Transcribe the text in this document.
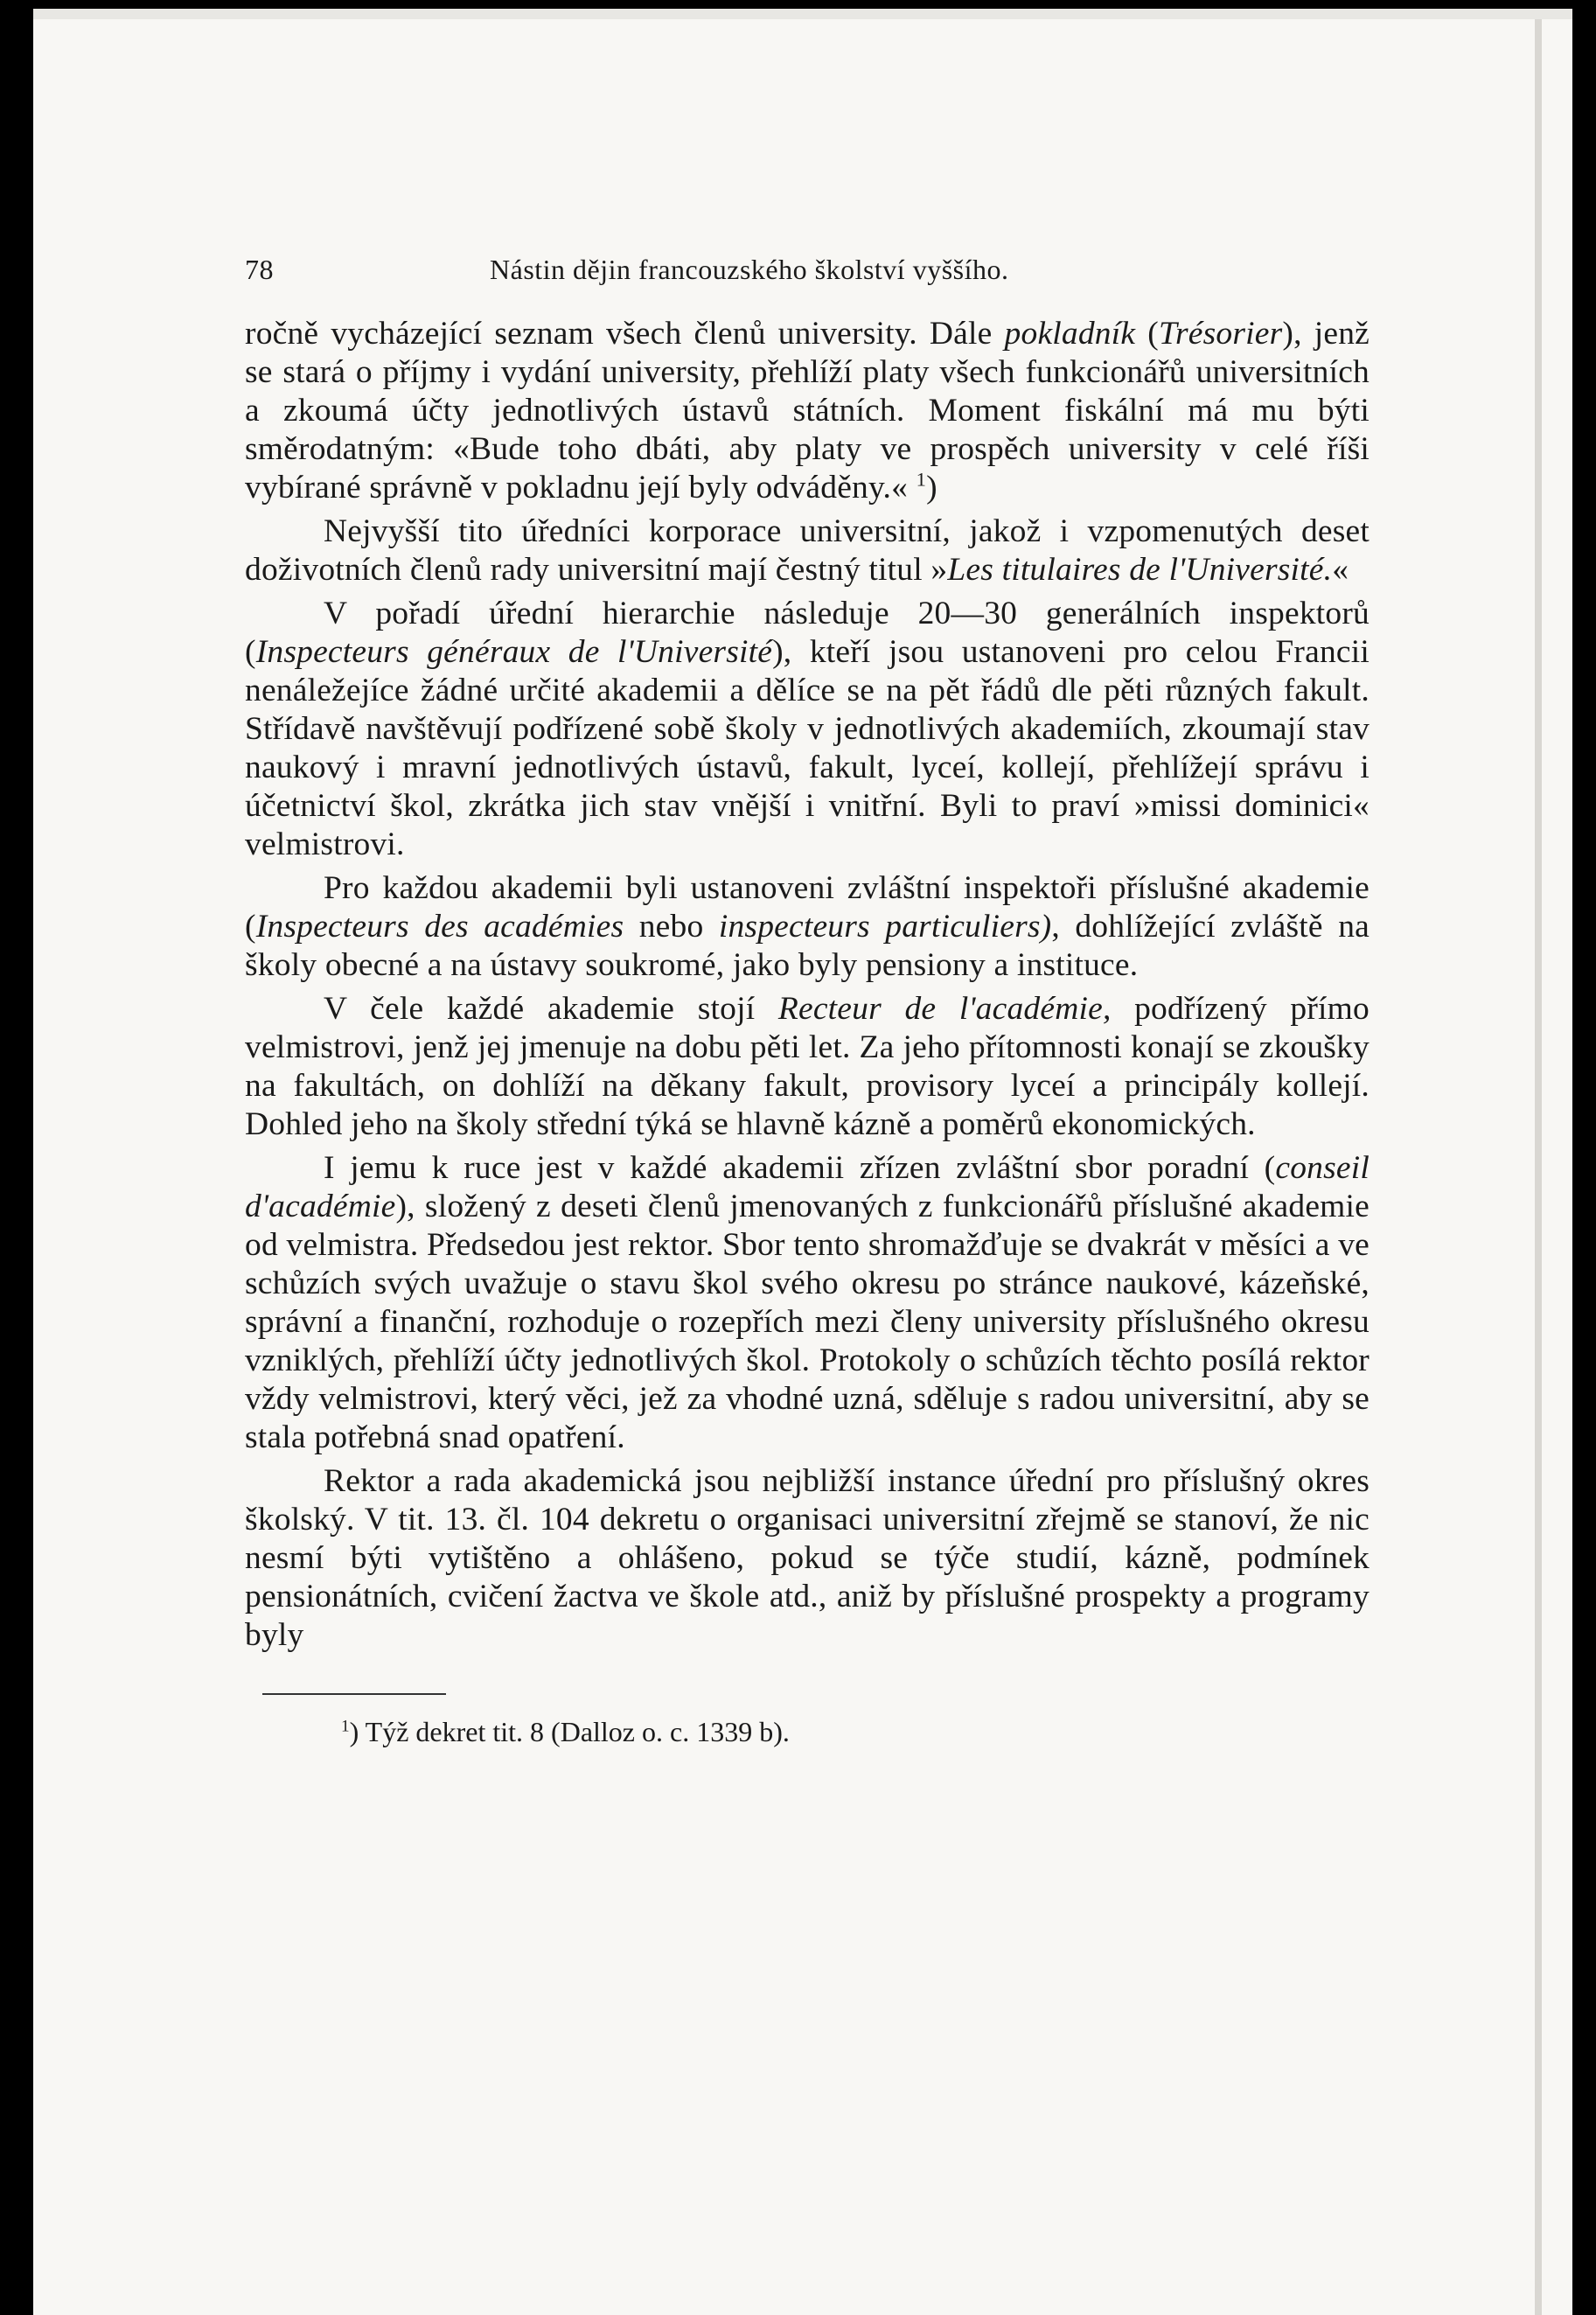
78	Nástin dějin francouzského školství vyššího.

ročně vycházející seznam všech členů university. Dále pokladník (Trésorier), jenž se stará o příjmy i vydání university, přehlíží platy všech funkcionářů universitních a zkoumá účty jednotlivých ústavů státních. Moment fiskální má mu býti směrodatným: «Bude toho dbáti, aby platy ve prospěch university v celé říši vybírané správně v pokladnu její byly odváděny.« $^1$)

Nejvyšší tito úředníci korporace universitní, jakož i vzpomenutých deset doživotních členů rady universitní mají čestný titul »Les titulaires de l'Université.«

V pořadí úřední hierarchie následuje 20—30 generálních inspektorů (Inspecteurs généraux de l'Université), kteří jsou ustanoveni pro celou Francii nenáležejíce žádné určité akademii a dělíce se na pět řádů dle pěti různých fakult. Střídavě navštěvují podřízené sobě školy v jednotlivých akademiích, zkoumají stav naukový i mravní jednotlivých ústavů, fakult, lyceí, kollejí, přehlížejí správu i účetnictví škol, zkrátka jich stav vnější i vnitřní. Byli to praví »missi dominici« velmistrovi.

Pro každou akademii byli ustanoveni zvláštní inspektoři příslušné akademie (Inspecteurs des académies nebo inspecteurs particuliers), dohlížející zvláště na školy obecné a na ústavy soukromé, jako byly pensiony a instituce.

V čele každé akademie stojí Recteur de l'académie, podřízený přímo velmistrovi, jenž jej jmenuje na dobu pěti let. Za jeho přítomnosti konají se zkoušky na fakultách, on dohlíží na děkany fakult, provisory lyceí a principály kollejí. Dohled jeho na školy střední týká se hlavně kázně a poměrů ekonomických.

I jemu k ruce jest v každé akademii zřízen zvláštní sbor poradní (conseil d'académie), složený z deseti členů jmenovaných z funkcionářů příslušné akademie od velmistra. Předsedou jest rektor. Sbor tento shromažďuje se dvakrát v měsíci a ve schůzích svých uvažuje o stavu škol svého okresu po stránce naukové, kázeňské, správní a finanční, rozhoduje o rozepřích mezi členy university příslušného okresu vzniklých, přehlíží účty jednotlivých škol. Protokoly o schůzích těchto posílá rektor vždy velmistrovi, který věci, jež za vhodné uzná, sděluje s radou universitní, aby se stala potřebná snad opatření.

Rektor a rada akademická jsou nejbližší instance úřední pro příslušný okres školský. V tit. 13. čl. 104 dekretu o organisaci universitní zřejmě se stanoví, že nic nesmí býti vytištěno a ohlášeno, pokud se týče studií, kázně, podmínek pensionátních, cvičení žactva ve škole atd., aniž by příslušné prospekty a programy byly

$^1$) Týž dekret tit. 8 (Dalloz o. c. 1339 b).
